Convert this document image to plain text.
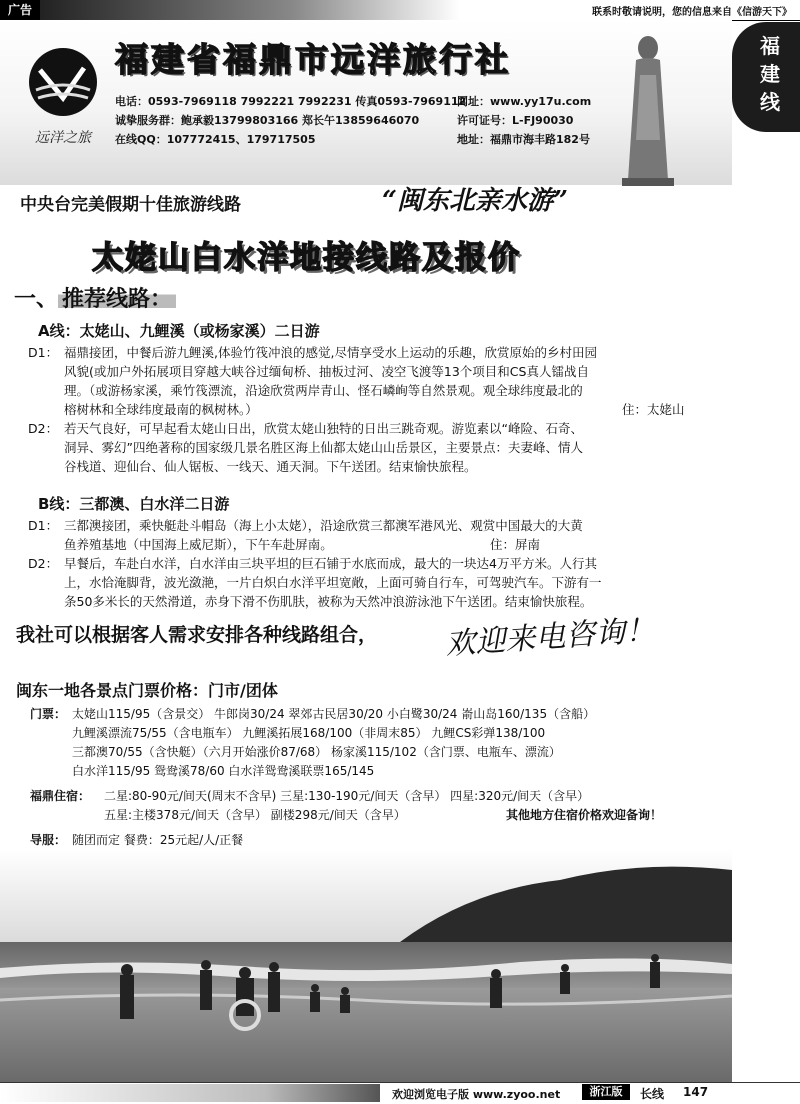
广告	联系时敬请说明，您的信息来自《信游天下》
福
建
线
远洋之旅
福建省福鼎市远洋旅行社
电话：0593-7969118 7992221 7992231 传真0593-7969112
网址：www.yy17u.com
诚挚服务群：鲍承毅13799803166 郑长午13859646070	许可证号：L-FJ90030
在线QQ：107772415、179717505	地址：福鼎市海丰路182号
中央台完美假期十佳旅游线路	“闽东北亲水游”
太姥山白水洋地接线路及报价
一、 推荐线路：
A线：太姥山、九鲤溪（或杨家溪）二日游
D1： 福鼎接团，中餐后游九鲤溪,体验竹筏冲浪的感觉,尽情享受水上运动的乐趣，欣赏原始的乡村田园
风貌(或加户外拓展项目穿越大峡谷过缅甸桥、抽板过河、凌空飞渡等13个项目和CS真人镭战自
理。（或游杨家溪，乘竹筏漂流，沿途欣赏两岸青山、怪石嶙峋等自然景观。观全球纬度最北的
榕树林和全球纬度最南的枫树林。）	住：太姥山
D2： 若天气良好，可早起看太姥山日出，欣赏太姥山独特的日出三跳奇观。游览素以“峰险、石奇、
洞异、雾幻”四绝著称的国家级几景名胜区海上仙都太姥山山岳景区，主要景点：夫妻峰、情人
谷栈道、迎仙台、仙人锯板、一线天、通天洞。下午送团。结束愉快旅程。
B线：三都澳、白水洋二日游
D1： 三都澳接团，乘快艇赴斗帽岛（海上小太姥），沿途欣赏三都澳军港风光、观赏中国最大的大黄
鱼养殖基地（中国海上威尼斯），下午车赴屏南。	住：屏南
D2： 早餐后，车赴白水洋，白水洋由三块平坦的巨石铺于水底而成，最大的一块达4万平方米。人行其
上，水恰淹脚背，波光潋滟，一片白炽白水洋平坦宽敞，上面可骑自行车，可驾驶汽车。下游有一
条50多米长的天然滑道，赤身下滑不伤肌肤，被称为天然冲浪游泳池下午送团。结束愉快旅程。
我社可以根据客人需求安排各种线路组合， 欢迎来电咨询！
闽东一地各景点门票价格：门市/团体
门票： 太姥山115/95（含景交） 牛郎岗30/24 翠郊古民居30/20 小白鹭30/24 嵛山岛160/135（含船）
九鲤溪漂流75/55（含电瓶车） 九鲤溪拓展168/100（非周末85） 九鲤CS彩弹138/100
三都澳70/55（含快艇）（六月开始涨价87/68） 杨家溪115/102（含门票、电瓶车、漂流）
白水洋115/95 鸳鸯溪78/60 白水洋鸳鸯溪联票165/145
福鼎住宿： 二星:80-90元/间天(周末不含早) 三星:130-190元/间天（含早） 四星:320元/间天（含早）
五星:主楼378元/间天（含早） 副楼298元/间天（含早）	其他地方住宿价格欢迎备询！
导服： 随团而定 餐费：25元起/人/正餐
欢迎浏览电子版 www.zyoo.net	浙江版	长线 147
